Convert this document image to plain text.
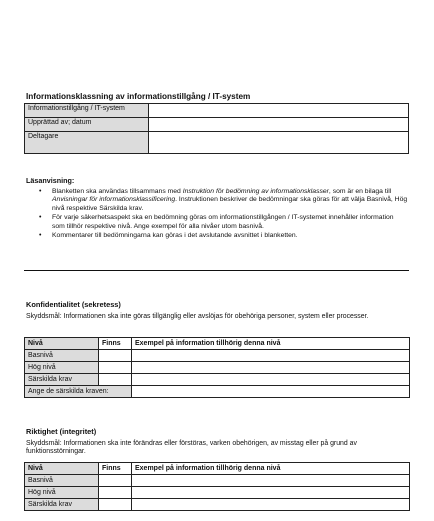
Informationsklassning av informationstillgång / IT-system
Informationstillgång / IT-system	
Upprättad av; datum	
Deltagare	
Läsanvisning:
• Blanketten ska användas tillsammans med Instruktion för bedömning av informationsklasser, som är en bilaga till Anvisningar för informationsklassificering. Instruktionen beskriver de bedömningar ska göras för att välja Basnivå, Hög nivå respektive Särskilda krav.
• För varje säkerhetsaspekt ska en bedömning göras om informationstillgången / IT-systemet innehåller information som tillhör respektive nivå. Ange exempel för alla nivåer utom basnivå.
• Kommentarer till bedömningarna kan göras i det avslutande avsnittet i blanketten.
Konfidentialitet (sekretess)
Skyddsmål: Informationen ska inte göras tillgänglig eller avslöjas för obehöriga personer, system eller processer.
Nivå	Finns	Exempel på information tillhörig denna nivå
Basnivå		
Hög nivå		
Särskilda krav		
Ange de särskilda kraven:		
Riktighet (integritet)
Skyddsmål: Informationen ska inte förändras eller förstöras, varken obehörigen, av misstag eller på grund av funktionsstörningar.
Nivå	Finns	Exempel på information tillhörig denna nivå
Basnivå		
Hög nivå		
Särskilda krav		
